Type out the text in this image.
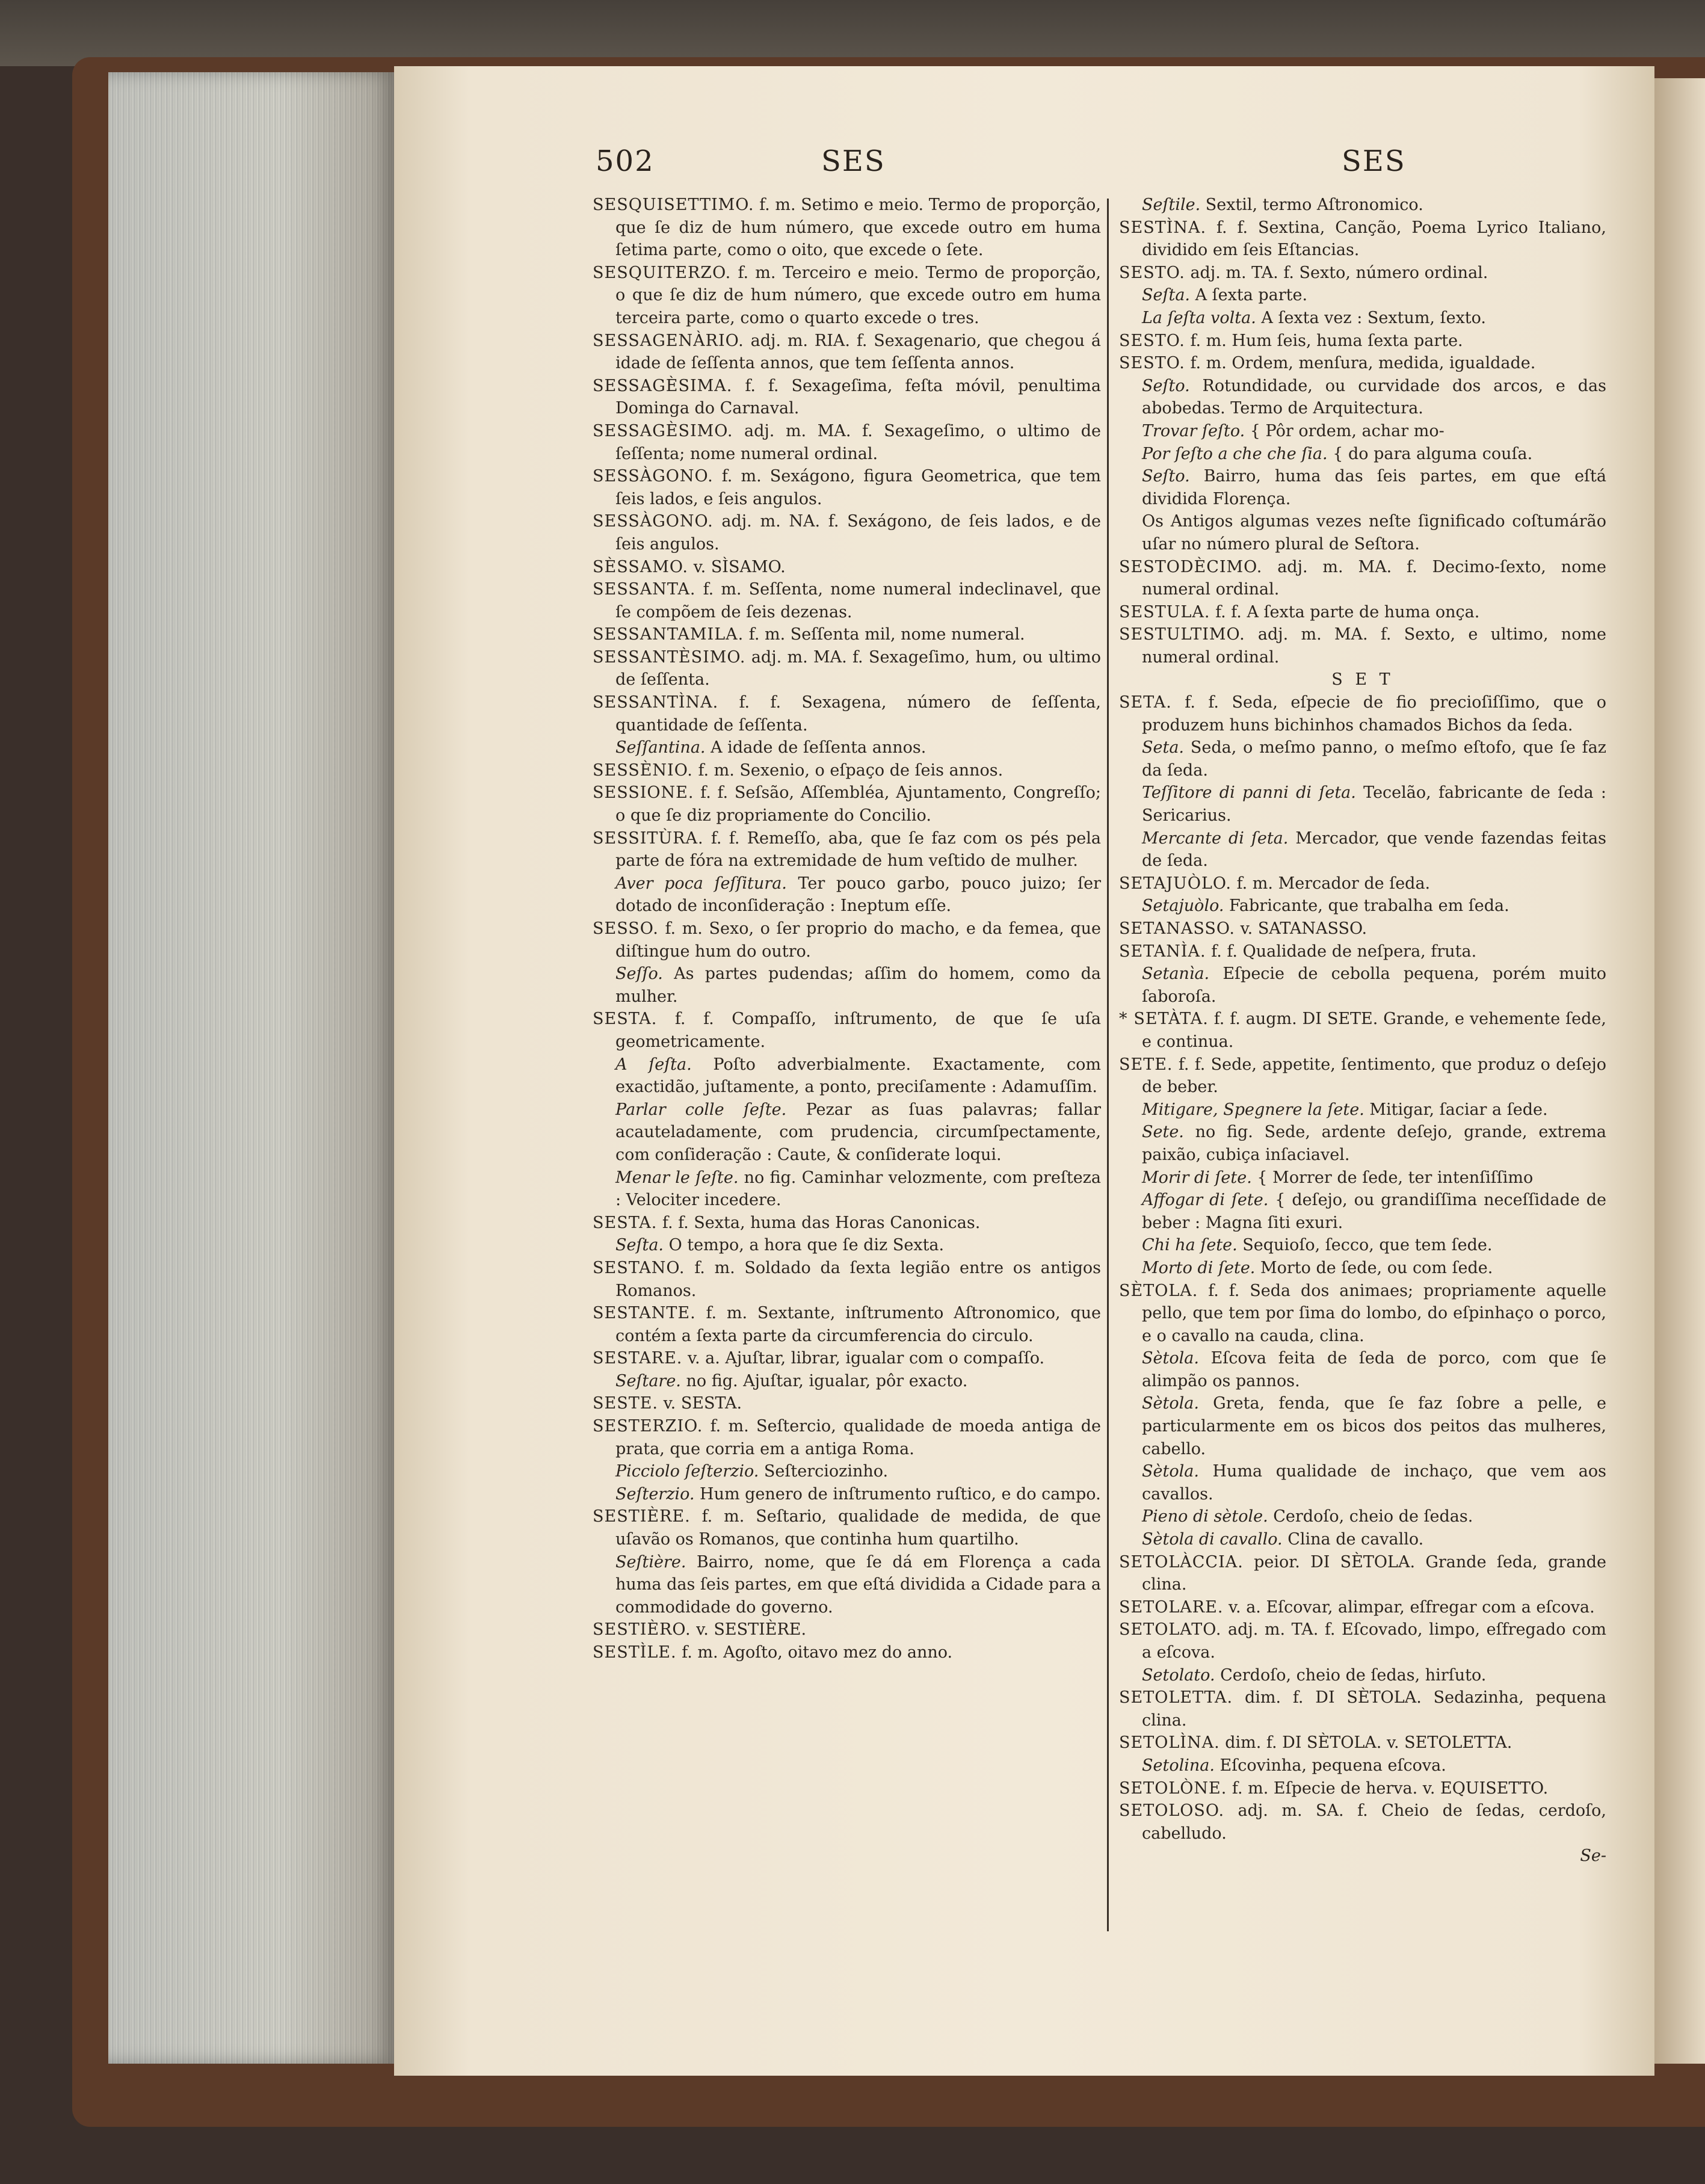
502	SES	SES
SESQUISETTIMO. f. m. Setimo e meio. Termo de proporção, que ſe diz de hum número, que excede outro em huma ſetima parte, como o oito, que excede o ſete.
SESQUITERZO. f. m. Terceiro e meio. Termo de proporção, o que ſe diz de hum número, que excede outro em huma terceira parte, como o quarto excede o tres.
SESSAGENÀRIO. adj. m. RIA. f. Sexagenario, que chegou á idade de ſeſſenta annos, que tem ſeſſenta annos.
SESSAGÈSIMA. f. f. Sexageſima, feſta móvil, penultima Dominga do Carnaval.
SESSAGÈSIMO. adj. m. MA. f. Sexageſimo, o ultimo de ſeſſenta; nome numeral ordinal.
SESSÀGONO. f. m. Sexágono, figura Geometrica, que tem ſeis lados, e ſeis angulos.
SESSÀGONO. adj. m. NA. f. Sexágono, de ſeis lados, e de ſeis angulos.
SÈSSAMO. v. SÌSAMO.
SESSANTA. f. m. Seſſenta, nome numeral indeclinavel, que ſe compõem de ſeis dezenas.
SESSANTAMILA. f. m. Seſſenta mil, nome numeral.
SESSANTÈSIMO. adj. m. MA. f. Sexageſimo, hum, ou ultimo de ſeſſenta.
SESSANTÌNA. f. f. Sexagena, número de ſeſſenta, quantidade de ſeſſenta.
Seſſantina. A idade de ſeſſenta annos.
SESSÈNIO. f. m. Sexenio, o eſpaço de ſeis annos.
SESSIONE. f. f. Seſsão, Aſſembléa, Ajuntamento, Congreſſo; o que ſe diz propriamente do Concilio.
SESSITÙRA. f. f. Remeſſo, aba, que ſe faz com os pés pela parte de fóra na extremidade de hum veſtido de mulher.
Aver poca ſeſſitura. Ter pouco garbo, pouco juizo; ſer dotado de inconſideração : Ineptum eſſe.
SESSO. f. m. Sexo, o ſer proprio do macho, e da femea, que diſtingue hum do outro.
Seſſo. As partes pudendas; aſſim do homem, como da mulher.
SESTA. f. f. Compaſſo, inſtrumento, de que ſe uſa geometricamente.
A ſeſta. Poſto adverbialmente. Exactamente, com exactidão, juſtamente, a ponto, preciſamente : Adamuſſim.
Parlar colle ſeſte. Pezar as ſuas palavras; fallar acauteladamente, com prudencia, circumſpectamente, com conſideração : Caute, & conſiderate loqui.
Menar le ſeſte. no fig. Caminhar velozmente, com preſteza : Velociter incedere.
SESTA. f. f. Sexta, huma das Horas Canonicas.
Seſta. O tempo, a hora que ſe diz Sexta.
SESTANO. f. m. Soldado da ſexta legião entre os antigos Romanos.
SESTANTE. f. m. Sextante, inſtrumento Aſtronomico, que contém a ſexta parte da circumferencia do circulo.
SESTARE. v. a. Ajuſtar, librar, igualar com o compaſſo.
Seſtare. no fig. Ajuſtar, igualar, pôr exacto.
SESTE. v. SESTA.
SESTERZIO. f. m. Seſtercio, qualidade de moeda antiga de prata, que corria em a antiga Roma.
Picciolo ſeſterzio. Seſterciozinho.
Seſterzio. Hum genero de inſtrumento ruſtico, e do campo.
SESTIÈRE. f. m. Seſtario, qualidade de medida, de que uſavão os Romanos, que continha hum quartilho.
Seſtière. Bairro, nome, que ſe dá em Florença a cada huma das ſeis partes, em que eſtá dividida a Cidade para a commodidade do governo.
SESTIÈRO. v. SESTIÈRE.
SESTÌLE. f. m. Agoſto, oitavo mez do anno.
Seſtile. Sextil, termo Aſtronomico.
SESTÌNA. f. f. Sextina, Canção, Poema Lyrico Italiano, dividido em ſeis Eſtancias.
SESTO. adj. m. TA. f. Sexto, número ordinal.
Seſta. A ſexta parte.
La ſeſta volta. A ſexta vez : Sextum, ſexto.
SESTO. f. m. Hum ſeis, huma ſexta parte.
SESTO. f. m. Ordem, menſura, medida, igualdade.
Seſto. Rotundidade, ou curvidade dos arcos, e das abobedas. Termo de Arquitectura.
Trovar ſeſto. { Pôr ordem, achar mo-
Por ſeſto a che che ſia. { do para alguma couſa.
Seſto. Bairro, huma das ſeis partes, em que eſtá dividida Florença.
Os Antigos algumas vezes neſte ſignificado coſtumárão uſar no número plural de Seſtora.
SESTODÈCIMO. adj. m. MA. f. Decimo-ſexto, nome numeral ordinal.
SESTULA. f. f. A ſexta parte de huma onça.
SESTULTIMO. adj. m. MA. f. Sexto, e ultimo, nome numeral ordinal.
S E T
SETA. f. f. Seda, eſpecie de fio precioſiſſimo, que o produzem huns bichinhos chamados Bichos da ſeda.
Seta. Seda, o meſmo panno, o meſmo eſtofo, que ſe faz da ſeda.
Teſſitore di panni di ſeta. Tecelão, fabricante de ſeda : Sericarius.
Mercante di ſeta. Mercador, que vende fazendas feitas de ſeda.
SETAJUÒLO. f. m. Mercador de ſeda.
Setajuòlo. Fabricante, que trabalha em ſeda.
SETANASSO. v. SATANASSO.
SETANÌA. f. f. Qualidade de neſpera, fruta.
Setanìa. Eſpecie de cebolla pequena, porém muito ſaboroſa.
* SETÀTA. f. f. augm. DI SETE. Grande, e vehemente ſede, e continua.
SETE. f. f. Sede, appetite, ſentimento, que produz o deſejo de beber.
Mitigare, Spegnere la ſete. Mitigar, ſaciar a ſede.
Sete. no fig. Sede, ardente deſejo, grande, extrema paixão, cubiça inſaciavel.
Morir di ſete. { Morrer de ſede, ter intenſiſſimo
Affogar di ſete. { deſejo, ou grandiſſima neceſſidade de beber : Magna ſiti exuri.
Chi ha ſete. Sequioſo, ſecco, que tem ſede.
Morto di ſete. Morto de ſede, ou com ſede.
SÈTOLA. f. f. Seda dos animaes; propriamente aquelle pello, que tem por ſima do lombo, do eſpinhaço o porco, e o cavallo na cauda, clina.
Sètola. Eſcova feita de ſeda de porco, com que ſe alimpão os pannos.
Sètola. Greta, fenda, que ſe faz ſobre a pelle, e particularmente em os bicos dos peitos das mulheres, cabello.
Sètola. Huma qualidade de inchaço, que vem aos cavallos.
Pieno di sètole. Cerdoſo, cheio de ſedas.
Sètola di cavallo. Clina de cavallo.
SETOLÀCCIA. peior. DI SÈTOLA. Grande ſeda, grande clina.
SETOLARE. v. a. Eſcovar, alimpar, eſfregar com a eſcova.
SETOLATO. adj. m. TA. f. Eſcovado, limpo, eſfregado com a eſcova.
Setolato. Cerdoſo, cheio de ſedas, hirſuto.
SETOLETTA. dim. f. DI SÈTOLA. Sedazinha, pequena clina.
SETOLÌNA. dim. f. DI SÈTOLA. v. SETOLETTA.
Setolina. Eſcovinha, pequena eſcova.
SETOLÒNE. f. m. Eſpecie de herva. v. EQUISETTO.
SETOLOSO. adj. m. SA. f. Cheio de ſedas, cerdoſo, cabelludo.
Se-
